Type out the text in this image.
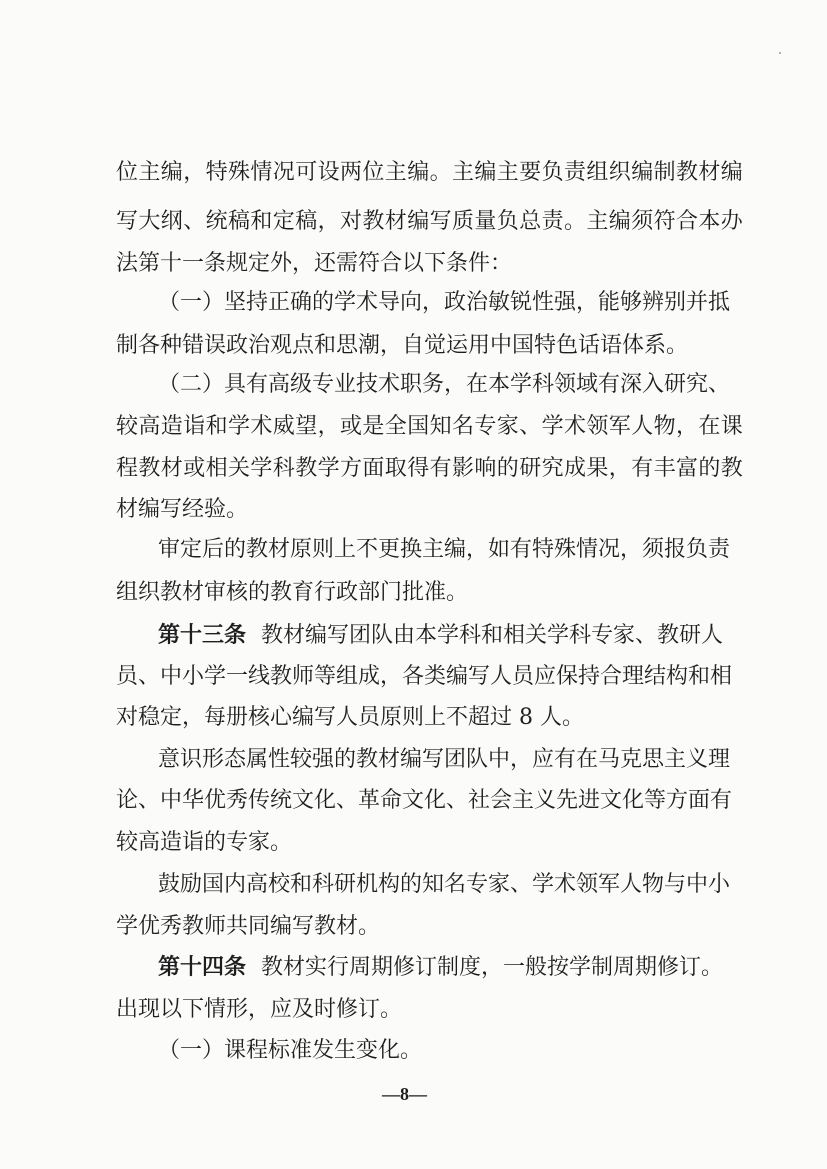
位主编，特殊情况可设两位主编。主编主要负责组织编制教材编
写大纲、统稿和定稿，对教材编写质量负总责。主编须符合本办
法第十一条规定外，还需符合以下条件：
（一）坚持正确的学术导向，政治敏锐性强，能够辨别并抵
制各种错误政治观点和思潮，自觉运用中国特色话语体系。
（二）具有高级专业技术职务，在本学科领域有深入研究、
较高造诣和学术威望，或是全国知名专家、学术领军人物，在课
程教材或相关学科教学方面取得有影响的研究成果，有丰富的教
材编写经验。
审定后的教材原则上不更换主编，如有特殊情况，须报负责
组织教材审核的教育行政部门批准。
第十三条 教材编写团队由本学科和相关学科专家、教研人
员、中小学一线教师等组成，各类编写人员应保持合理结构和相
对稳定，每册核心编写人员原则上不超过 8 人。
意识形态属性较强的教材编写团队中，应有在马克思主义理
论、中华优秀传统文化、革命文化、社会主义先进文化等方面有
较高造诣的专家。
鼓励国内高校和科研机构的知名专家、学术领军人物与中小
学优秀教师共同编写教材。
第十四条 教材实行周期修订制度，一般按学制周期修订。
出现以下情形，应及时修订。
（一）课程标准发生变化。
—8—
